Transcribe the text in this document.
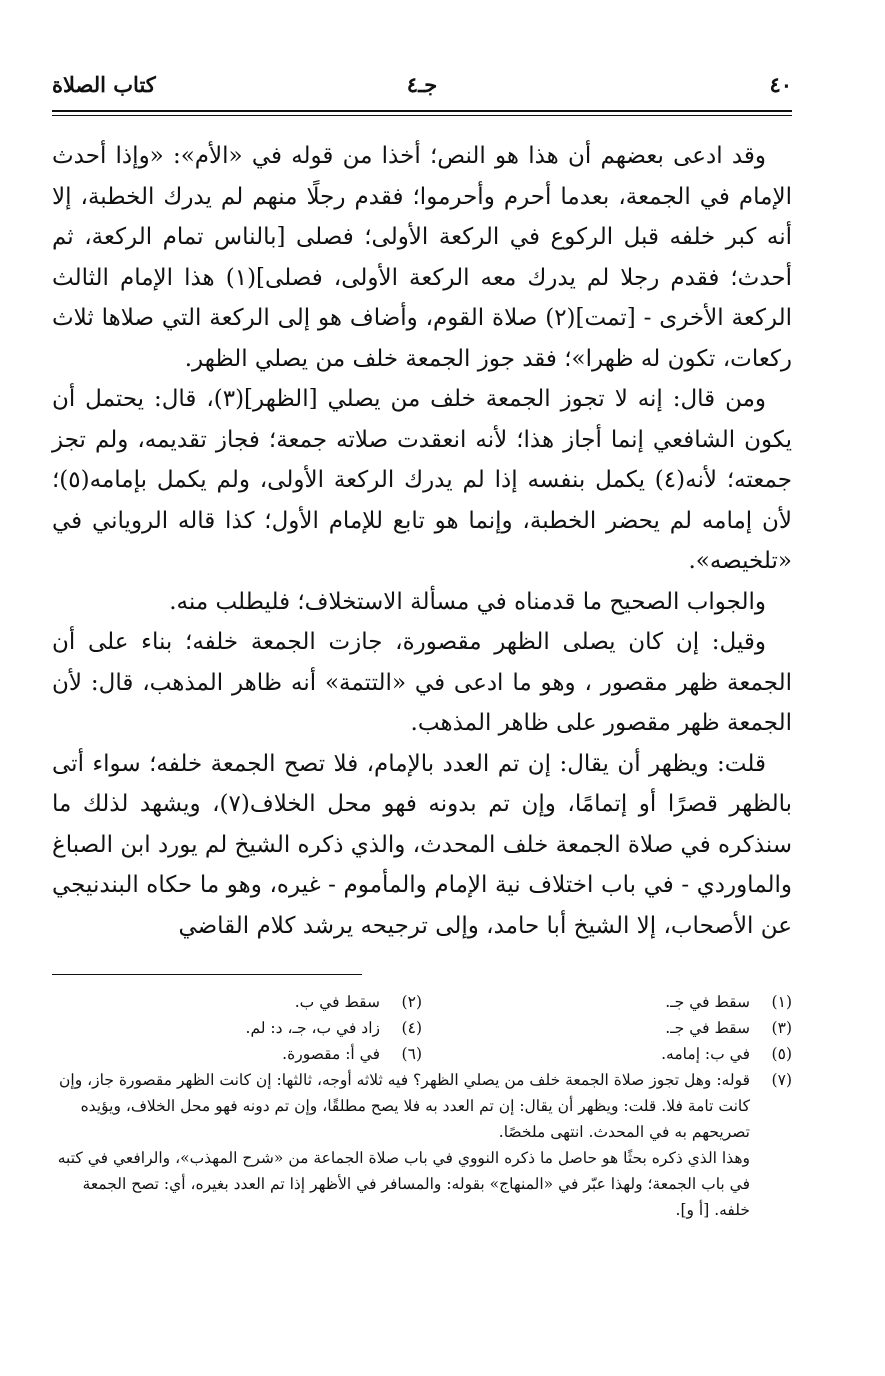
٤٠
جـ٤
كتاب الصلاة

وقد ادعى بعضهم أن هذا هو النص؛ أخذا من قوله في «الأم»: «وإذا أحدث الإمام في الجمعة، بعدما أحرم وأحرموا؛ فقدم رجلًا منهم لم يدرك الخطبة، إلا أنه كبر خلفه قبل الركوع في الركعة الأولى؛ فصلى [بالناس تمام الركعة، ثم أحدث؛ فقدم رجلا لم يدرك معه الركعة الأولى، فصلى](١) هذا الإمام الثالث الركعة الأخرى - [تمت](٢) صلاة القوم، وأضاف هو إلى الركعة التي صلاها ثلاث ركعات، تكون له ظهرا»؛ فقد جوز الجمعة خلف من يصلي الظهر.

ومن قال: إنه لا تجوز الجمعة خلف من يصلي [الظهر](٣)، قال: يحتمل أن يكون الشافعي إنما أجاز هذا؛ لأنه انعقدت صلاته جمعة؛ فجاز تقديمه، ولم تجز جمعته؛ لأنه(٤) يكمل بنفسه إذا لم يدرك الركعة الأولى، ولم يكمل بإمامه(٥)؛ لأن إمامه لم يحضر الخطبة، وإنما هو تابع للإمام الأول؛ كذا قاله الروياني في «تلخيصه».

والجواب الصحيح ما قدمناه في مسألة الاستخلاف؛ فليطلب منه.

وقيل: إن كان يصلى الظهر مقصورة، جازت الجمعة خلفه؛ بناء على أن الجمعة ظهر مقصور ، وهو ما ادعى في «التتمة» أنه ظاهر المذهب، قال: لأن الجمعة ظهر مقصور على ظاهر المذهب.

قلت: ويظهر أن يقال: إن تم العدد بالإمام، فلا تصح الجمعة خلفه؛ سواء أتى بالظهر قصرًا أو إتمامًا، وإن تم بدونه فهو محل الخلاف(٧)، ويشهد لذلك ما سنذكره في صلاة الجمعة خلف المحدث، والذي ذكره الشيخ لم يورد ابن الصباغ والماوردي - في باب اختلاف نية الإمام والمأموم - غيره، وهو ما حكاه البندنيجي عن الأصحاب، إلا الشيخ أبا حامد، وإلى ترجيحه يرشد كلام القاضي

(١)
سقط في جـ.
(٢)
سقط في ب.
(٣)
سقط في جـ.
(٤)
زاد في ب، جـ، د: لم.
(٥)
في ب: إمامه.
(٦)
في أ: مقصورة.
(٧)

قوله: وهل تجوز صلاة الجمعة خلف من يصلي الظهر؟ فيه ثلاثه أوجه، ثالثها: إن كانت الظهر مقصورة جاز، وإن كانت تامة فلا. قلت: ويظهر أن يقال: إن تم العدد به فلا يصح مطلقًا، وإن تم دونه فهو محل الخلاف، ويؤيده تصريحهم به في المحدث. انتهى ملخصًا.

وهذا الذي ذكره بحثًا هو حاصل ما ذكره النووي في باب صلاة الجماعة من «شرح المهذب»، والرافعي في كتبه في باب الجمعة؛ ولهذا عبّر في «المنهاج» بقوله: والمسافر في الأظهر إذا تم العدد بغيره، أي: تصح الجمعة خلفه. [أ و].
